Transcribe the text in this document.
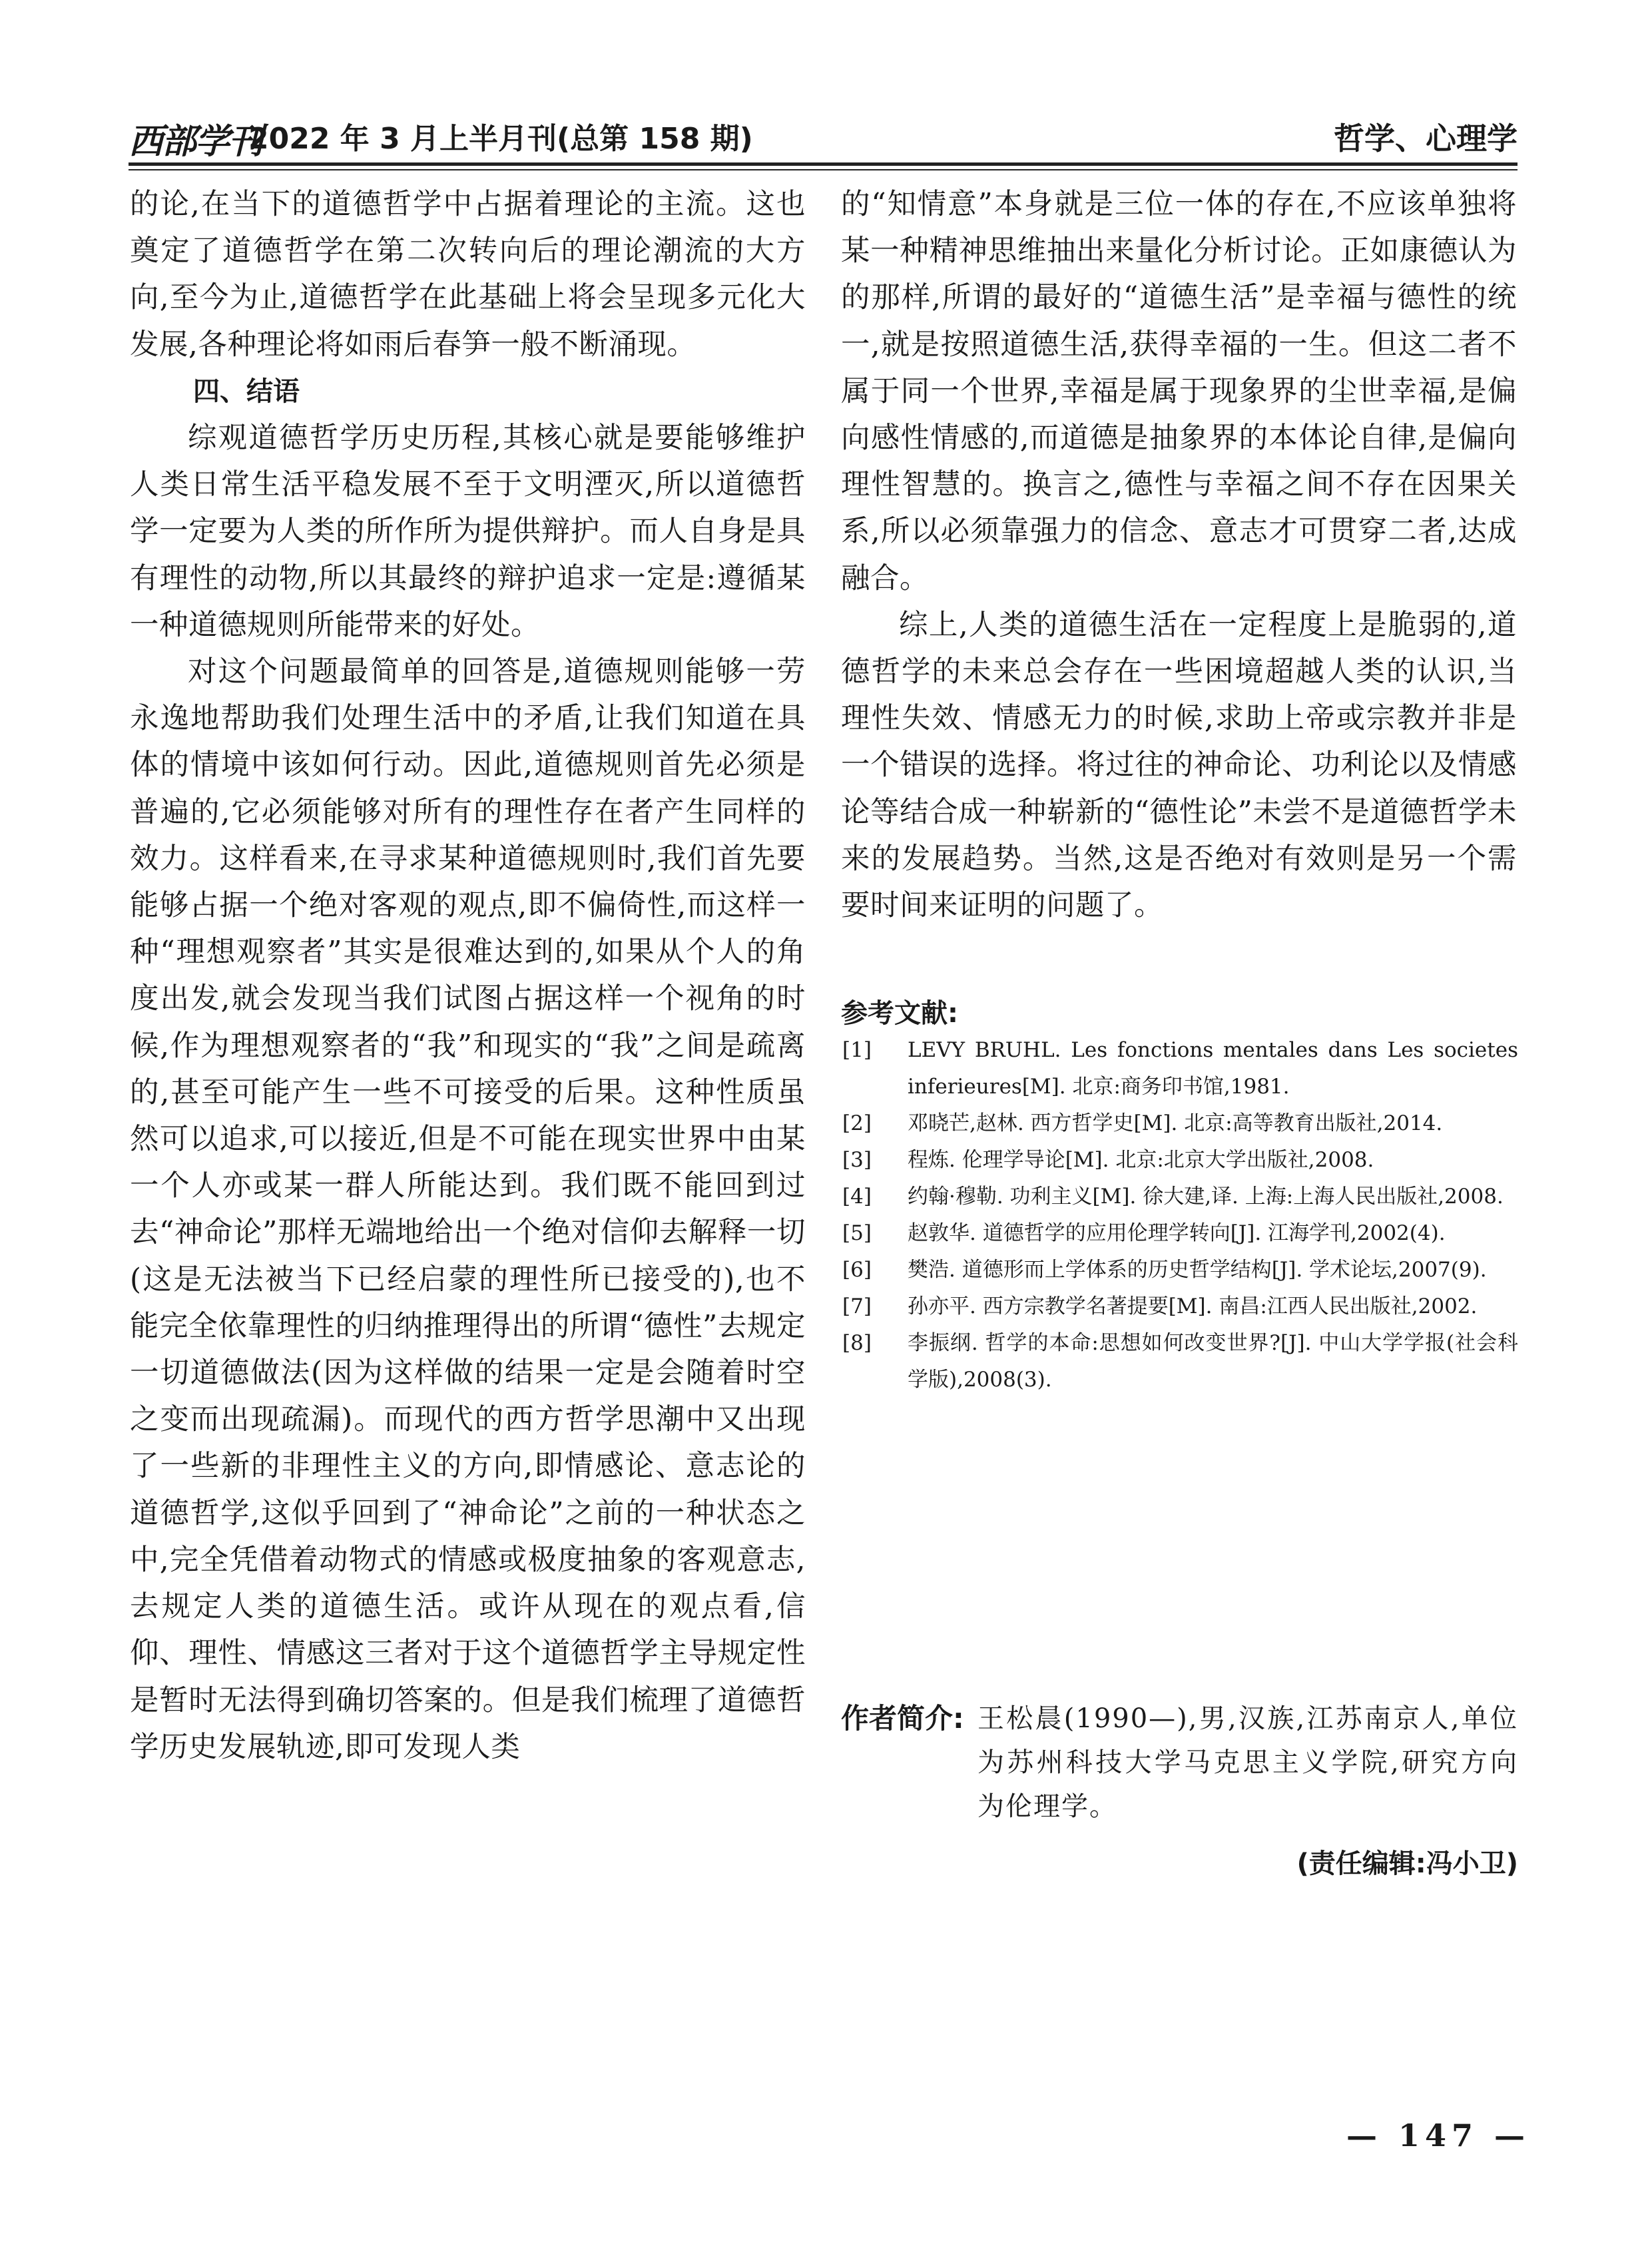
西部学刊
2022 年 3 月上半月刊(总第 158 期)	哲学、心理学

的论,在当下的道德哲学中占据着理论的主流。这也奠定了道德哲学在第二次转向后的理论潮流的大方向,至今为止,道德哲学在此基础上将会呈现多元化大发展,各种理论将如雨后春笋一般不断涌现。

四、结语

综观道德哲学历史历程,其核心就是要能够维护人类日常生活平稳发展不至于文明湮灭,所以道德哲学一定要为人类的所作所为提供辩护。而人自身是具有理性的动物,所以其最终的辩护追求一定是:遵循某一种道德规则所能带来的好处。

对这个问题最简单的回答是,道德规则能够一劳永逸地帮助我们处理生活中的矛盾,让我们知道在具体的情境中该如何行动。因此,道德规则首先必须是普遍的,它必须能够对所有的理性存在者产生同样的效力。这样看来,在寻求某种道德规则时,我们首先要能够占据一个绝对客观的观点,即不偏倚性,而这样一种“理想观察者”其实是很难达到的,如果从个人的角度出发,就会发现当我们试图占据这样一个视角的时候,作为理想观察者的“我”和现实的“我”之间是疏离的,甚至可能产生一些不可接受的后果。这种性质虽然可以追求,可以接近,但是不可能在现实世界中由某一个人亦或某一群人所能达到。我们既不能回到过去“神命论”那样无端地给出一个绝对信仰去解释一切(这是无法被当下已经启蒙的理性所已接受的),也不能完全依靠理性的归纳推理得出的所谓“德性”去规定一切道德做法(因为这样做的结果一定是会随着时空之变而出现疏漏)。而现代的西方哲学思潮中又出现了一些新的非理性主义的方向,即情感论、意志论的道德哲学,这似乎回到了“神命论”之前的一种状态之中,完全凭借着动物式的情感或极度抽象的客观意志,去规定人类的道德生活。或许从现在的观点看,信仰、理性、情感这三者对于这个道德哲学主导规定性是暂时无法得到确切答案的。但是我们梳理了道德哲学历史发展轨迹,即可发现人类

的“知情意”本身就是三位一体的存在,不应该单独将某一种精神思维抽出来量化分析讨论。正如康德认为的那样,所谓的最好的“道德生活”是幸福与德性的统一,就是按照道德生活,获得幸福的一生。但这二者不属于同一个世界,幸福是属于现象界的尘世幸福,是偏向感性情感的,而道德是抽象界的本体论自律,是偏向理性智慧的。换言之,德性与幸福之间不存在因果关系,所以必须靠强力的信念、意志才可贯穿二者,达成融合。

综上,人类的道德生活在一定程度上是脆弱的,道德哲学的未来总会存在一些困境超越人类的认识,当理性失效、情感无力的时候,求助上帝或宗教并非是一个错误的选择。将过往的神命论、功利论以及情感论等结合成一种崭新的“德性论”未尝不是道德哲学未来的发展趋势。当然,这是否绝对有效则是另一个需要时间来证明的问题了。

参考文献:
[1] LEVY BRUHL. Les fonctions mentales dans Les societes inferieures[M]. 北京:商务印书馆,1981.
[2] 邓晓芒,赵林. 西方哲学史[M]. 北京:高等教育出版社,2014.
[3] 程炼. 伦理学导论[M]. 北京:北京大学出版社,2008.
[4] 约翰·穆勒. 功利主义[M]. 徐大建,译. 上海:上海人民出版社,2008.
[5] 赵敦华. 道德哲学的应用伦理学转向[J]. 江海学刊,2002(4).
[6] 樊浩. 道德形而上学体系的历史哲学结构[J]. 学术论坛,2007(9).
[7] 孙亦平. 西方宗教学名著提要[M]. 南昌:江西人民出版社,2002.
[8] 李振纲. 哲学的本命:思想如何改变世界?[J]. 中山大学学报(社会科学版),2008(3).
作者简介: 王松晨(1990—),男,汉族,江苏南京人,单位为苏州科技大学马克思主义学院,研究方向为伦理学。
(责任编辑:冯小卫)
— 147 —
